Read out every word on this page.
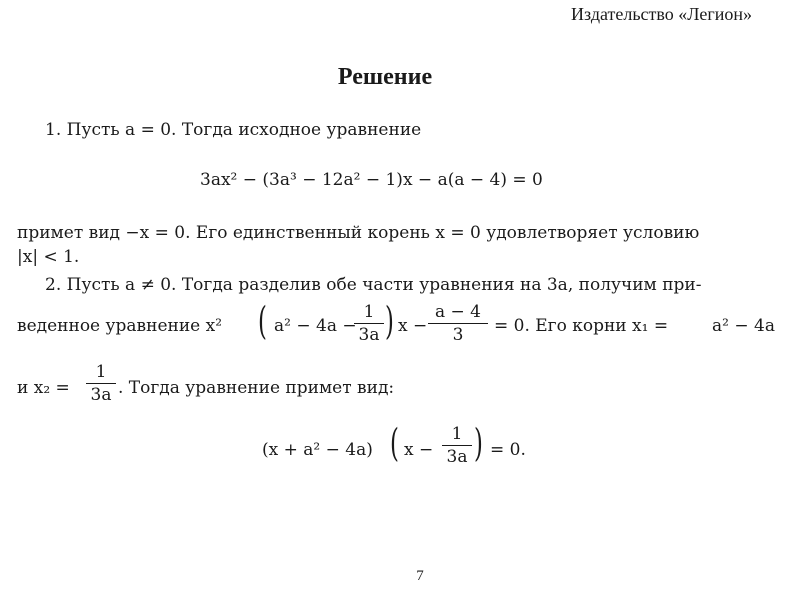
Издательство «Легион»
Решение
1. Пусть a = 0. Тогда исходное уравнение
3ax² − (3a³ − 12a² − 1)x − a(a − 4) = 0
примет вид −x = 0. Его единственный корень x = 0 удовлетворяет условию
|x| < 1.
2. Пусть a ≠ 0. Тогда разделив обе части уравнения на 3a, получим при-
веденное уравнение x² ( a² − 4a −
1
3a ) x −
a − 4
3	= 0. Его корни x₁ =	a² − 4a
и x₂ =
1
3a . Тогда уравнение примет вид:
(x + a² − 4a) ( x −
1
3a ) = 0.
7
